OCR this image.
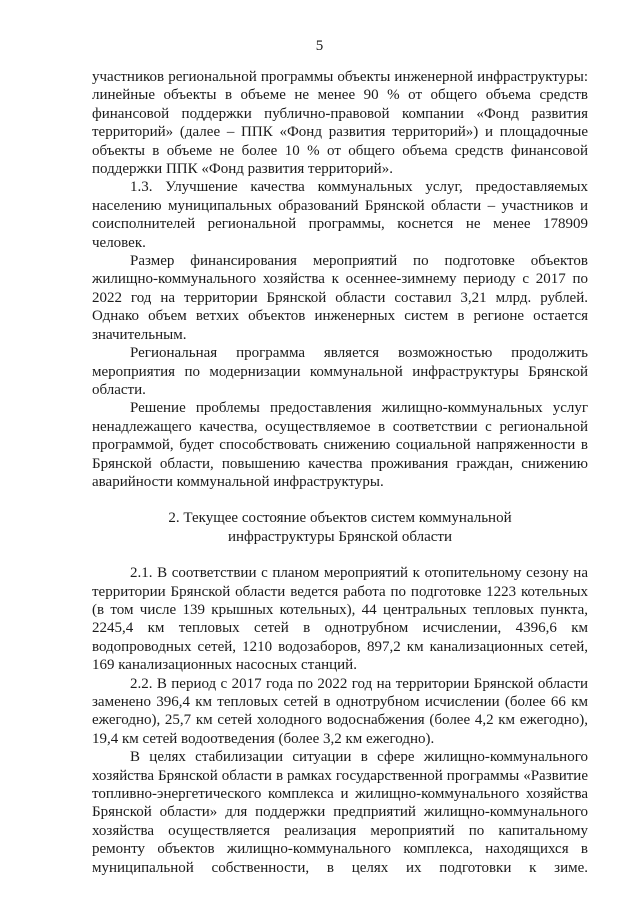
5

участников региональной программы объекты инженерной инфраструктуры: линейные объекты в объеме не менее 90 % от общего объема средств финансовой поддержки публично-правовой компании «Фонд развития территорий» (далее – ППК «Фонд развития территорий») и площадочные объекты в объеме не более 10 % от общего объема средств финансовой поддержки ППК «Фонд развития территорий».

1.3. Улучшение качества коммунальных услуг, предоставляемых населению муниципальных образований Брянской области – участников и соисполнителей региональной программы, коснется не менее 178909 человек.

Размер финансирования мероприятий по подготовке объектов жилищно-коммунального хозяйства к осеннее-зимнему периоду с 2017 по 2022 год на территории Брянской области составил 3,21 млрд. рублей. Однако объем ветхих объектов инженерных систем в регионе остается значительным.

Региональная программа является возможностью продолжить мероприятия по модернизации коммунальной инфраструктуры Брянской области.

Решение проблемы предоставления жилищно-коммунальных услуг ненадлежащего качества, осуществляемое в соответствии с региональной программой, будет способствовать снижению социальной напряженности в Брянской области, повышению качества проживания граждан, снижению аварийности коммунальной инфраструктуры.

2. Текущее состояние объектов систем коммунальной
инфраструктуры Брянской области

2.1. В соответствии с планом мероприятий к отопительному сезону на территории Брянской области ведется работа по подготовке 1223 котельных (в том числе 139 крышных котельных), 44 центральных тепловых пункта, 2245,4 км тепловых сетей в однотрубном исчислении, 4396,6 км водопроводных сетей, 1210 водозаборов, 897,2 км канализационных сетей, 169 канализационных насосных станций.

2.2. В период с 2017 года по 2022 год на территории Брянской области заменено 396,4 км тепловых сетей в однотрубном исчислении (более 66 км ежегодно), 25,7 км сетей холодного водоснабжения (более 4,2 км ежегодно), 19,4 км сетей водоотведения (более 3,2 км ежегодно).

В целях стабилизации ситуации в сфере жилищно-коммунального хозяйства Брянской области в рамках государственной программы «Развитие топливно-энергетического комплекса и жилищно-коммунального хозяйства Брянской области» для поддержки предприятий жилищно-коммунального хозяйства осуществляется реализация мероприятий по капитальному ремонту объектов жилищно-коммунального комплекса, находящихся в муниципальной собственности, в целях их подготовки к зиме.
